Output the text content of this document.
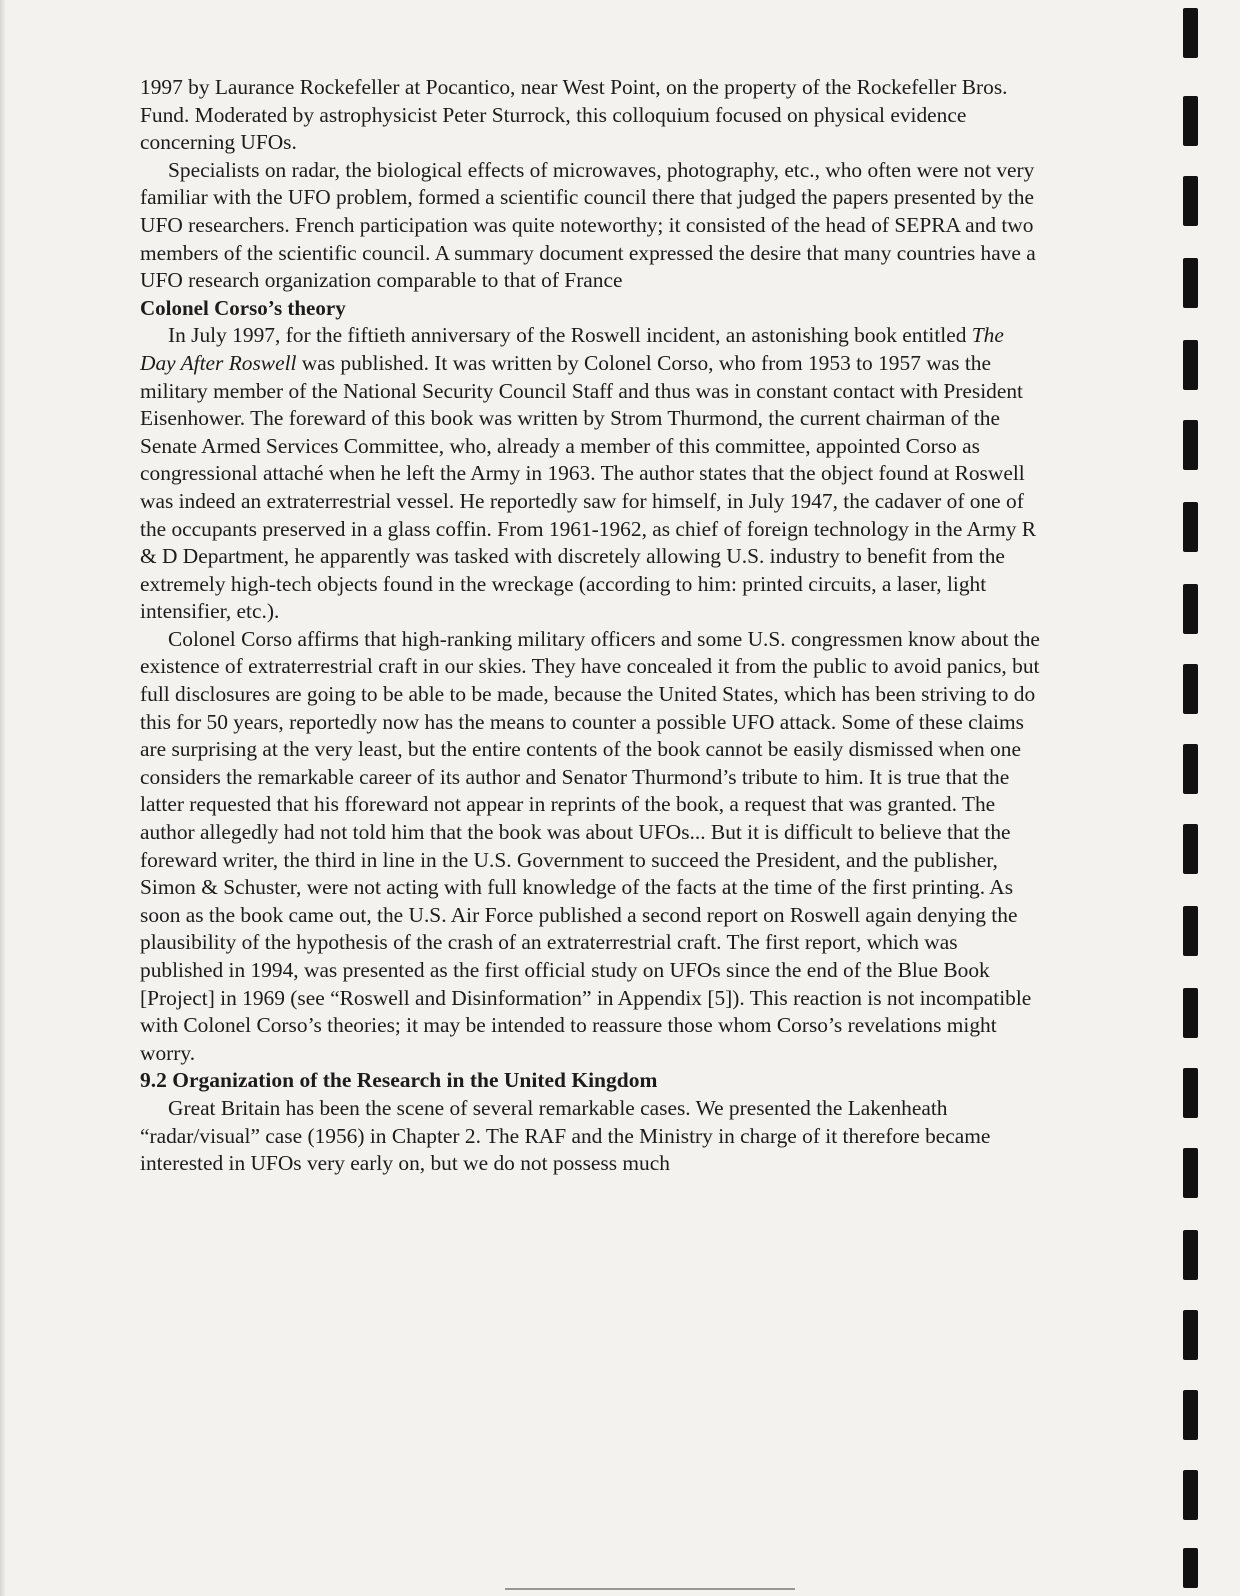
1997 by Laurance Rockefeller at Pocantico, near West Point, on the property of the Rockefeller Bros. Fund. Moderated by astrophysicist Peter Sturrock, this colloquium focused on physical evidence concerning UFOs.

Specialists on radar, the biological effects of microwaves, photography, etc., who often were not very familiar with the UFO problem, formed a scientific council there that judged the papers presented by the UFO researchers. French participation was quite noteworthy; it consisted of the head of SEPRA and two members of the scientific council. A summary document expressed the desire that many countries have a UFO research organization comparable to that of France

Colonel Corso’s theory

In July 1997, for the fiftieth anniversary of the Roswell incident, an astonishing book entitled The Day After Roswell was published. It was written by Colonel Corso, who from 1953 to 1957 was the military member of the National Security Council Staff and thus was in constant contact with President Eisenhower. The foreward of this book was written by Strom Thurmond, the current chairman of the Senate Armed Services Committee, who, already a member of this committee, appointed Corso as congressional attaché when he left the Army in 1963. The author states that the object found at Roswell was indeed an extraterrestrial vessel. He reportedly saw for himself, in July 1947, the cadaver of one of the occupants preserved in a glass coffin. From 1961-1962, as chief of foreign technology in the Army R & D Department, he apparently was tasked with discretely allowing U.S. industry to benefit from the extremely high-tech objects found in the wreckage (according to him: printed circuits, a laser, light intensifier, etc.).

Colonel Corso affirms that high-ranking military officers and some U.S. congressmen know about the existence of extraterrestrial craft in our skies. They have concealed it from the public to avoid panics, but full disclosures are going to be able to be made, because the United States, which has been striving to do this for 50 years, reportedly now has the means to counter a possible UFO attack. Some of these claims are surprising at the very least, but the entire contents of the book cannot be easily dismissed when one considers the remarkable career of its author and Senator Thurmond’s tribute to him. It is true that the latter requested that his fforeward not appear in reprints of the book, a request that was granted. The author allegedly had not told him that the book was about UFOs... But it is difficult to believe that the foreward writer, the third in line in the U.S. Government to succeed the President, and the publisher, Simon & Schuster, were not acting with full knowledge of the facts at the time of the first printing. As soon as the book came out, the U.S. Air Force published a second report on Roswell again denying the plausibility of the hypothesis of the crash of an extraterrestrial craft. The first report, which was published in 1994, was presented as the first official study on UFOs since the end of the Blue Book [Project] in 1969 (see “Roswell and Disinformation” in Appendix [5]). This reaction is not incompatible with Colonel Corso’s theories; it may be intended to reassure those whom Corso’s revelations might worry.

9.2 Organization of the Research in the United Kingdom

Great Britain has been the scene of several remarkable cases. We presented the Lakenheath “radar/visual” case (1956) in Chapter 2. The RAF and the Ministry in charge of it therefore became interested in UFOs very early on, but we do not possess much
